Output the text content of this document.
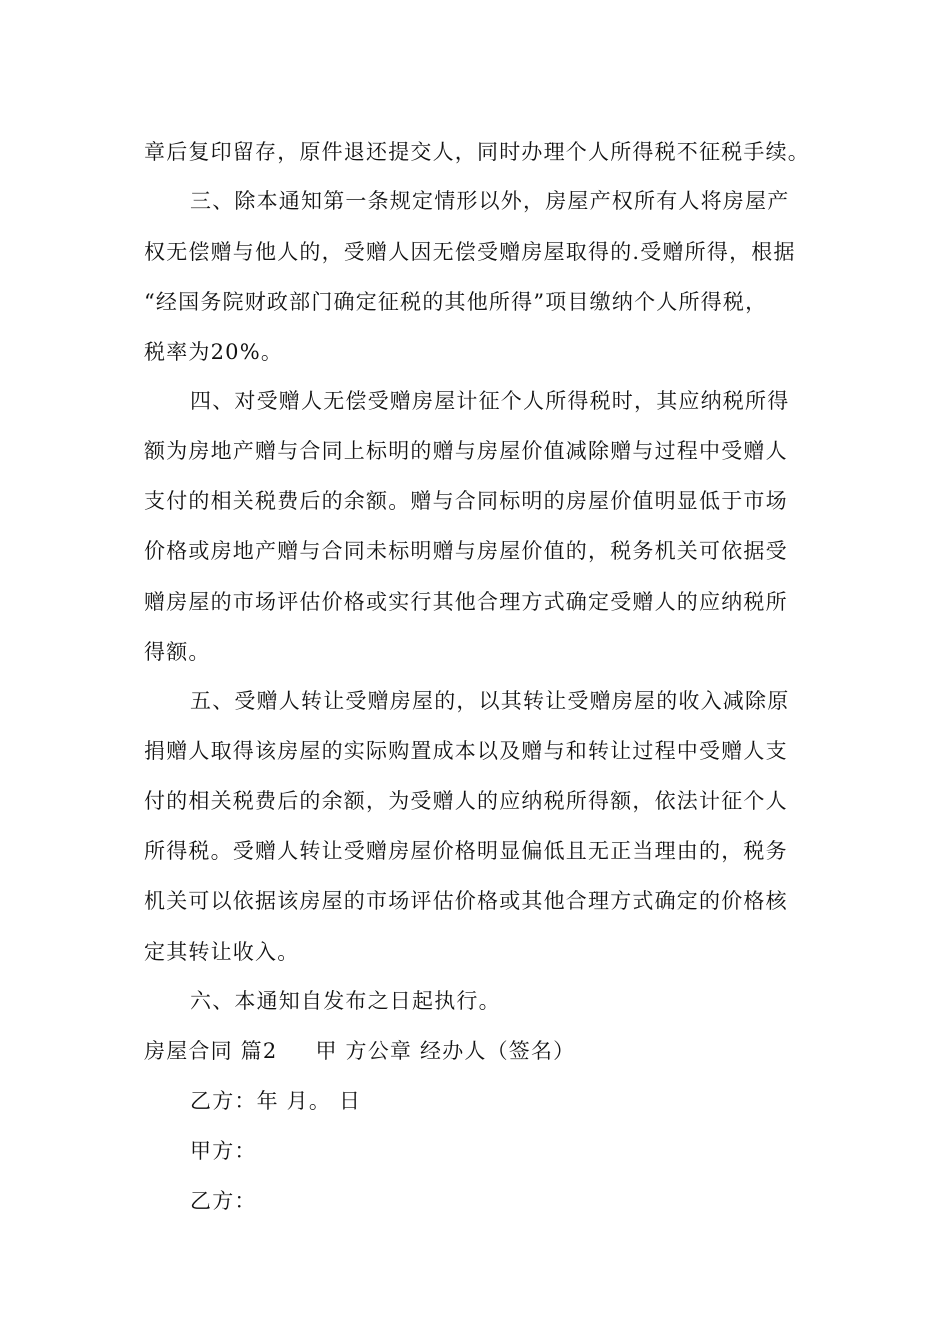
章后复印留存，原件退还提交人，同时办理个人所得税不征税手续。
三、除本通知第一条规定情形以外，房屋产权所有人将房屋产
权无偿赠与他人的，受赠人因无偿受赠房屋取得的.受赠所得，根据
“经国务院财政部门确定征税的其他所得”项目缴纳个人所得税，
税率为20%。
四、对受赠人无偿受赠房屋计征个人所得税时，其应纳税所得
额为房地产赠与合同上标明的赠与房屋价值减除赠与过程中受赠人
支付的相关税费后的余额。赠与合同标明的房屋价值明显低于市场
价格或房地产赠与合同未标明赠与房屋价值的，税务机关可依据受
赠房屋的市场评估价格或实行其他合理方式确定受赠人的应纳税所
得额。
五、受赠人转让受赠房屋的，以其转让受赠房屋的收入减除原
捐赠人取得该房屋的实际购置成本以及赠与和转让过程中受赠人支
付的相关税费后的余额，为受赠人的应纳税所得额，依法计征个人
所得税。受赠人转让受赠房屋价格明显偏低且无正当理由的，税务
机关可以依据该房屋的市场评估价格或其他合理方式确定的价格核
定其转让收入。
六、本通知自发布之日起执行。
房屋合同 篇2 甲 方公章 经办人（签名）
乙方：年 月。 日
甲方：
乙方：
